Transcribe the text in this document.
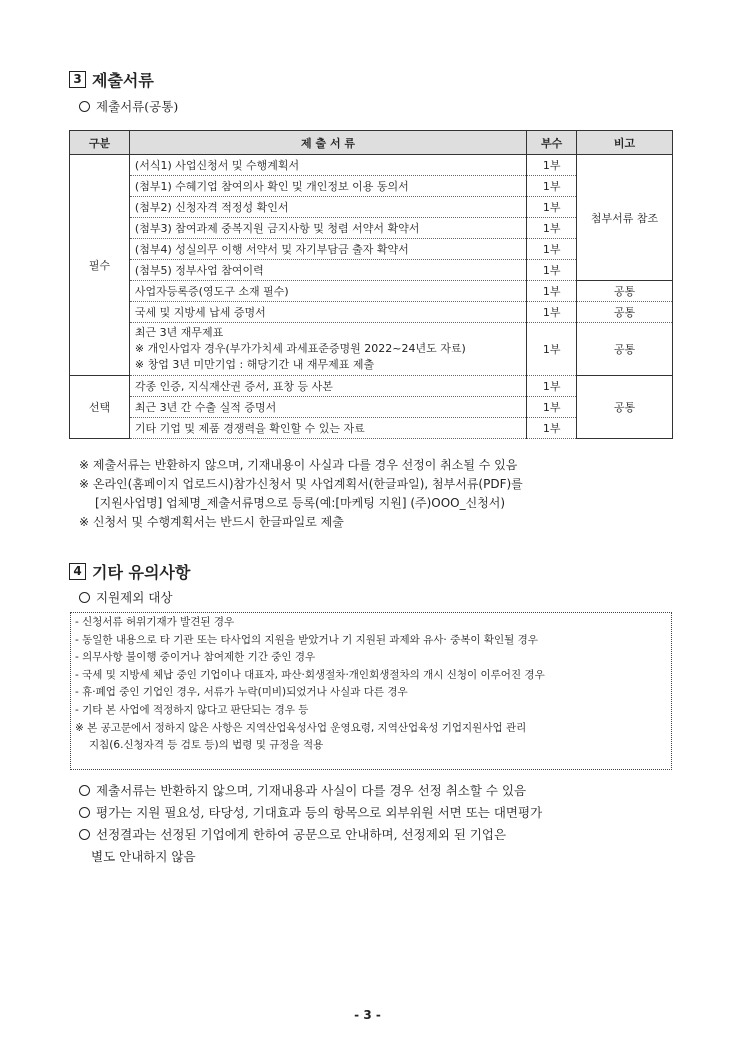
3 제출서류
제출서류(공통)
구분	제 출 서 류	부수	비고
필수	(서식1) 사업신청서 및 수행계획서	1부	첨부서류 참조
	(첨부1) 수혜기업 참여의사 확인 및 개인정보 이용 동의서	1부	
	(첨부2) 신청자격 적정성 확인서	1부	
	(첨부3) 참여과제 중복지원 금지사항 및 청렴 서약서 확약서	1부	
	(첨부4) 성실의무 이행 서약서 및 자기부담금 출자 확약서	1부	
	(첨부5) 정부사업 참여이력	1부	
	사업자등록증(영도구 소재 필수)	1부	공통
	국세 및 지방세 납세 증명서	1부	공통

	최근 3년 재무제표
※ 개인사업자 경우(부가가치세 과세표준증명원 2022~24년도 자료)
※ 창업 3년 미만기업 : 해당기간 내 재무제표 제출	1부	공통
선택	각종 인증, 지식재산권 증서, 표창 등 사본	1부	공통
	최근 3년 간 수출 실적 증명서	1부	
	기타 기업 및 제품 경쟁력을 확인할 수 있는 자료	1부	
※ 제출서류는 반환하지 않으며, 기재내용이 사실과 다를 경우 선정이 취소될 수 있음
※ 온라인(홈페이지 업로드시)참가신청서 및 사업계획서(한글파일), 첨부서류(PDF)를
[지원사업명] 업체명_제출서류명으로 등록(예:[마케팅 지원] (주)OOO_신청서)
※ 신청서 및 수행계획서는 반드시 한글파일로 제출
4 기타 유의사항
지원제외 대상
- 신청서류 허위기재가 발견된 경우
- 동일한 내용으로 타 기관 또는 타사업의 지원을 받았거나 기 지원된 과제와 유사· 중복이 확인될 경우
- 의무사항 불이행 중이거나 참여제한 기간 중인 경우
- 국세 및 지방세 체납 중인 기업이나 대표자, 파산·회생절차·개인회생절차의 개시 신청이 이루어진 경우
- 휴·폐업 중인 기업인 경우, 서류가 누락(미비)되었거나 사실과 다른 경우
- 기타 본 사업에 적정하지 않다고 판단되는 경우 등
※ 본 공고문에서 정하지 않은 사항은 지역산업육성사업 운영요령, 지역산업육성 기업지원사업 관리
지침(6.신청자격 등 검토 등)의 법령 및 규정을 적용
제출서류는 반환하지 않으며, 기재내용과 사실이 다를 경우 선정 취소할 수 있음
평가는 지원 필요성, 타당성, 기대효과 등의 항목으로 외부위원 서면 또는 대면평가
선정결과는 선정된 기업에게 한하여 공문으로 안내하며, 선정제외 된 기업은
별도 안내하지 않음
- 3 -
